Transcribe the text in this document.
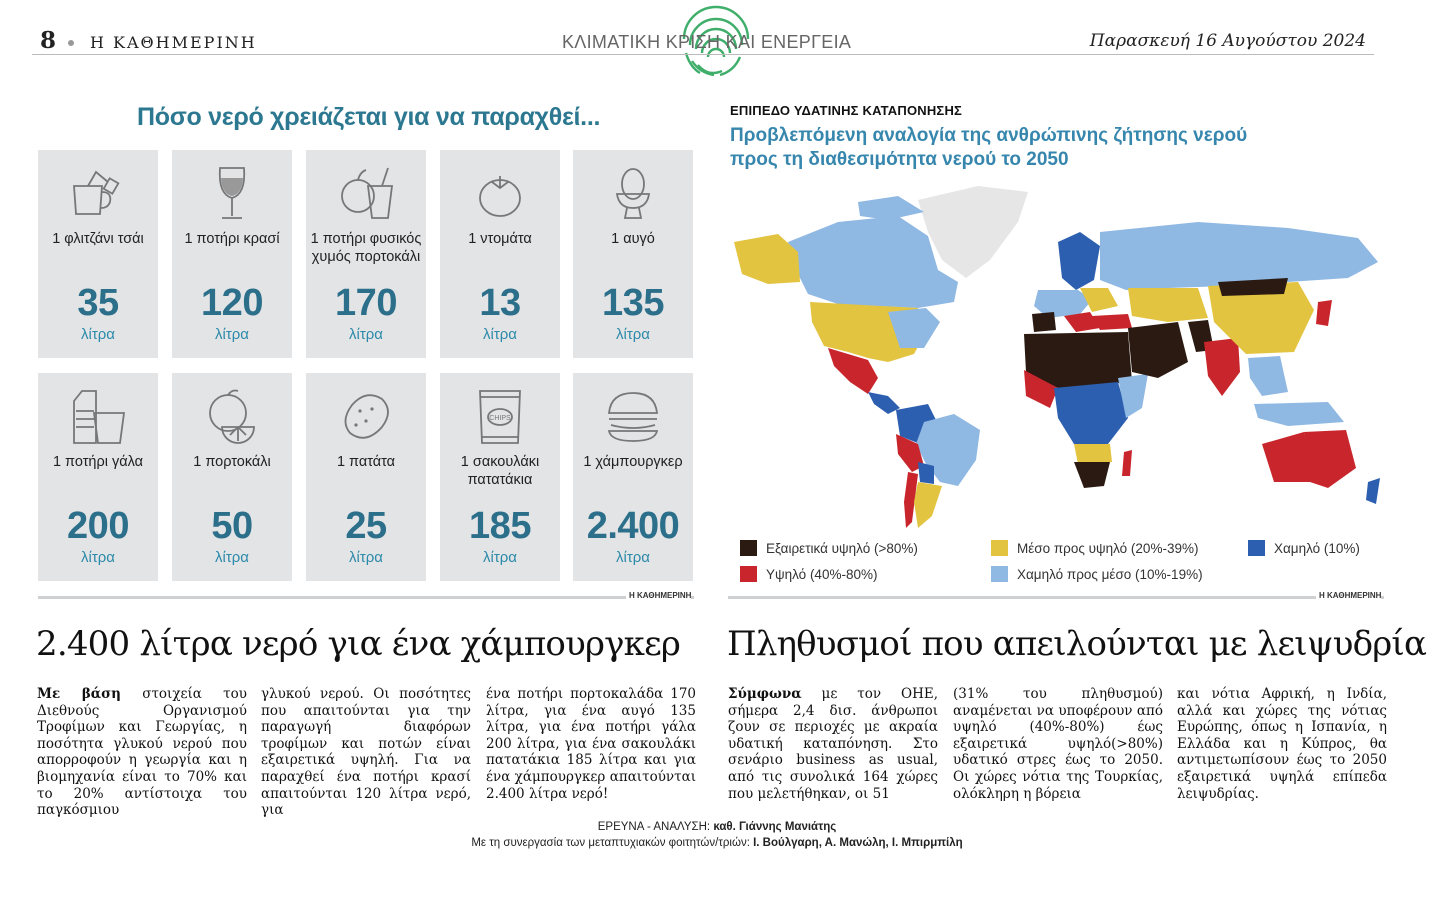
8 Η ΚΑΘΗΜΕΡΙΝΗ	ΚΛΙΜΑΤΙΚΗ ΚΡΙΣΗ ΚΑΙ ΕΝΕΡΓΕΙΑ	Παρασκευή 16 Αυγούστου 2024
Πόσο νερό χρειάζεται για να παραχθεί...
1 φλιτζάνι τσάι
35
λίτρα
1 ποτήρι κρασί
120
λίτρα
1 ποτήρι φυσικός χυμός πορτοκάλι
170
λίτρα
1 ντομάτα
13
λίτρα
1 αυγό
135
λίτρα
1 ποτήρι γάλα
200
λίτρα
1 πορτοκάλι
50
λίτρα
1 πατάτα
25
λίτρα
CHIPS
1 σακουλάκι πατατάκια
185
λίτρα
1 χάμπουργκερ
2.400
λίτρα
Η ΚΑΘΗΜΕΡΙΝΗ
ΕΠΙΠΕΔΟ ΥΔΑΤΙΝΗΣ ΚΑΤΑΠΟΝΗΣΗΣ
Προβλεπόμενη αναλογία της ανθρώπινης ζήτησης νερού προς τη διαθεσιμότητα νερού το 2050
Εξαιρετικά υψηλό (>80%)
Υψηλό (40%-80%)
Μέσο προς υψηλό (20%-39%)
Χαμηλό προς μέσο (10%-19%)
Χαμηλό (10%)
Η ΚΑΘΗΜΕΡΙΝΗ
2.400 λίτρα νερό για ένα χάμπουργκερ
Με βάση στοιχεία του Διεθνούς Οργανισμού Τροφίμων και Γεωργίας, η ποσότητα γλυκού νερού που απορροφούν η γεωργία και η βιομηχανία είναι το 70% και το 20% αντίστοιχα του παγκόσμιου
γλυκού νερού. Οι ποσότητες που απαιτούνται για την παραγωγή διαφόρων τροφίμων και ποτών είναι εξαιρετικά υψηλή. Για να παραχθεί ένα ποτήρι κρασί απαιτούνται 120 λίτρα νερό, για
ένα ποτήρι πορτοκαλάδα 170 λίτρα, για ένα αυγό 135 λίτρα, για ένα ποτήρι γάλα 200 λίτρα, για ένα σακουλάκι πατατάκια 185 λίτρα και για ένα χάμπουργκερ απαιτούνται 2.400 λίτρα νερό!
Πληθυσμοί που απειλούνται με λειψυδρία
Σύμφωνα με τον ΟΗΕ, σήμερα 2,4 δισ. άνθρωποι ζουν σε περιοχές με ακραία υδατική καταπόνηση. Στο σενάριο business as usual, από τις συνολικά 164 χώρες που μελετήθηκαν, οι 51
(31% του πληθυσμού) αναμένεται να υποφέρουν από υψηλό (40%-80%) έως εξαιρετικά υψηλό(>80%) υδατικό στρες έως το 2050. Οι χώρες νότια της Τουρκίας, ολόκληρη η βόρεια
και νότια Αφρική, η Ινδία, αλλά και χώρες της νότιας Ευρώπης, όπως η Ισπανία, η Ελλάδα και η Κύπρος, θα αντιμετωπίσουν έως το 2050 εξαιρετικά υψηλά επίπεδα λειψυδρίας.
ΕΡΕΥΝΑ - ΑΝΑΛΥΣΗ: καθ. Γιάννης Μανιάτης
Με τη συνεργασία των μεταπτυχιακών φοιτητών/τριών: Ι. Βούλγαρη, Α. Μανώλη, Ι. Μπιρμπίλη
